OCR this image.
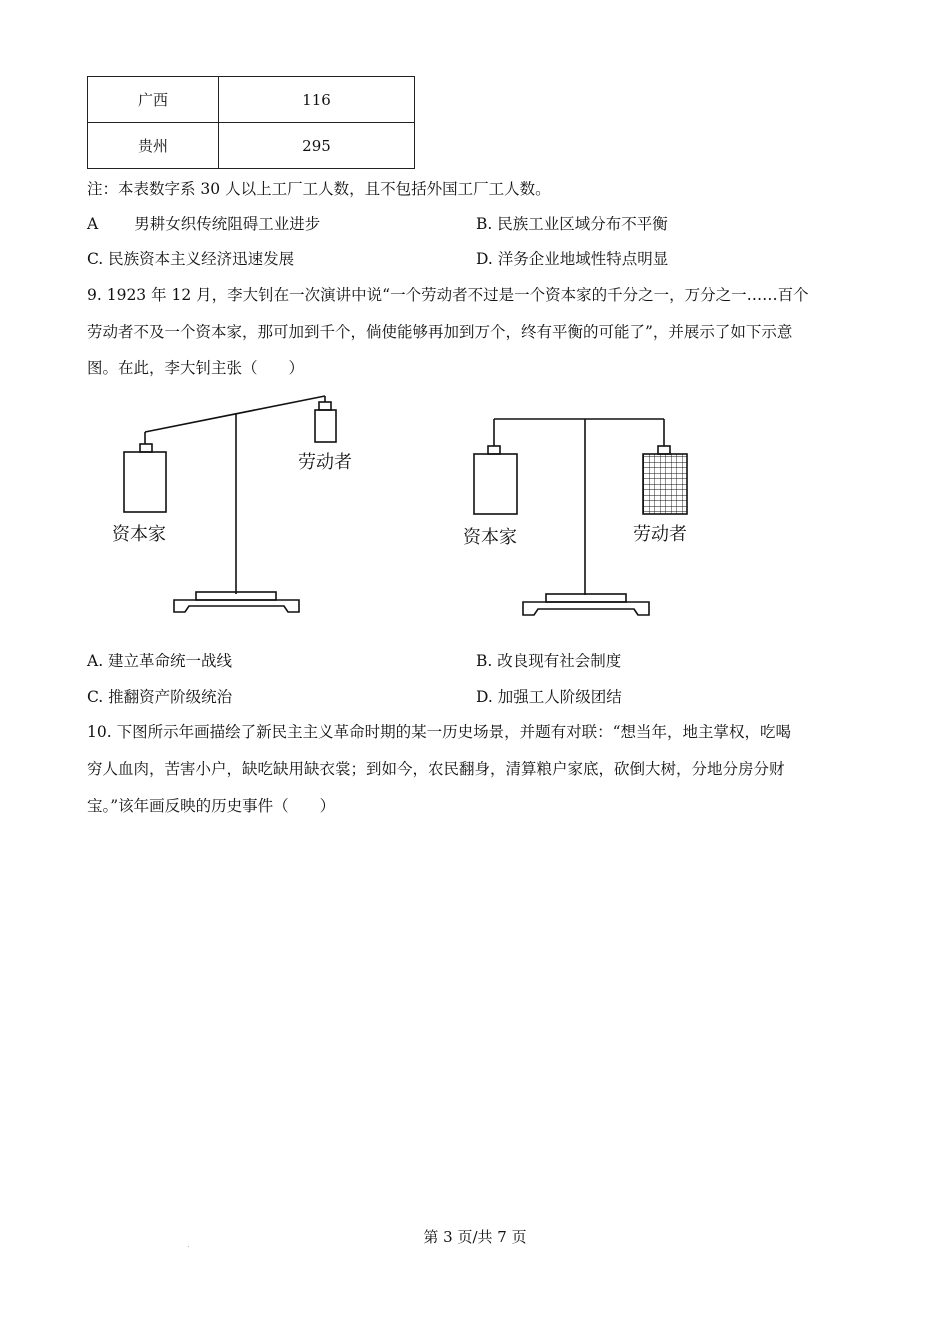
广西	116
贵州	295
注：本表数字系 30 人以上工厂工人数，且不包括外国工厂工人数。
A 男耕女织传统阻碍工业进步	B. 民族工业区域分布不平衡
C. 民族资本主义经济迅速发展	D. 洋务企业地域性特点明显
9. 1923 年 12 月，李大钊在一次演讲中说“一个劳动者不过是一个资本家的千分之一，万分之一……百个
劳动者不及一个资本家，那可加到千个，倘使能够再加到万个，终有平衡的可能了”，并展示了如下示意
图。在此，李大钊主张（　　）
劳动者
资本家	劳动者
资本家
A. 建立革命统一战线	B. 改良现有社会制度
C. 推翻资产阶级统治	D. 加强工人阶级团结
10. 下图所示年画描绘了新民主主义革命时期的某一历史场景，并题有对联：“想当年，地主掌权，吃喝
穷人血肉，苦害小户，缺吃缺用缺衣裳；到如今，农民翻身，清算粮户家底，砍倒大树，分地分房分财
宝。”该年画反映的历史事件（　　）
第 3 页/共 7 页
